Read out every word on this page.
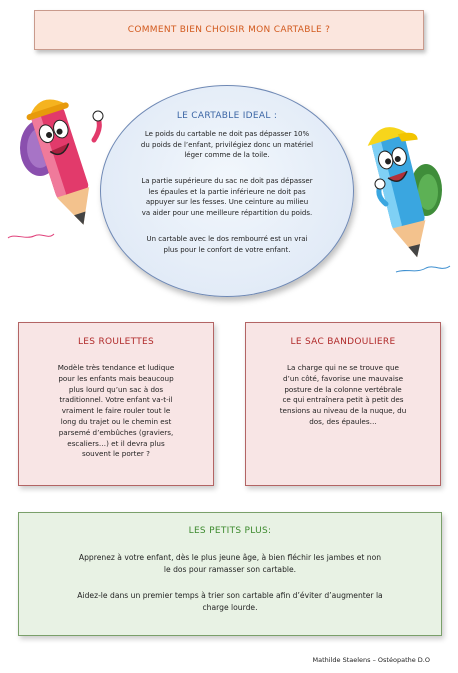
COMMENT BIEN CHOISIR MON CARTABLE ?
LE CARTABLE IDEAL :
Le poids du cartable ne doit pas dépasser 10%
du poids de l’enfant, privilégiez donc un matériel
léger comme de la toile.
La partie supérieure du sac ne doit pas dépasser
les épaules et la partie inférieure ne doit pas
appuyer sur les fesses. Une ceinture au milieu
va aider pour une meilleure répartition du poids.
Un cartable avec le dos rembourré est un vrai
plus pour le confort de votre enfant.
LES ROULETTES
Modèle très tendance et ludique
pour les enfants mais beaucoup
plus lourd qu’un sac à dos
traditionnel. Votre enfant va-t-il
vraiment le faire rouler tout le
long du trajet ou le chemin est
parsemé d’embûches (graviers,
escaliers…) et il devra plus
souvent le porter ?
LE SAC BANDOULIERE
La charge qui ne se trouve que
d’un côté, favorise une mauvaise
posture de la colonne vertébrale
ce qui entraînera petit à petit des
tensions au niveau de la nuque, du
dos, des épaules…
LES PETITS PLUS:
Apprenez à votre enfant, dès le plus jeune âge, à bien fléchir les jambes et non
le dos pour ramasser son cartable.
Aidez-le dans un premier temps à trier son cartable afin d’éviter d’augmenter la
charge lourde.
Mathilde Staelens – Ostéopathe D.O
